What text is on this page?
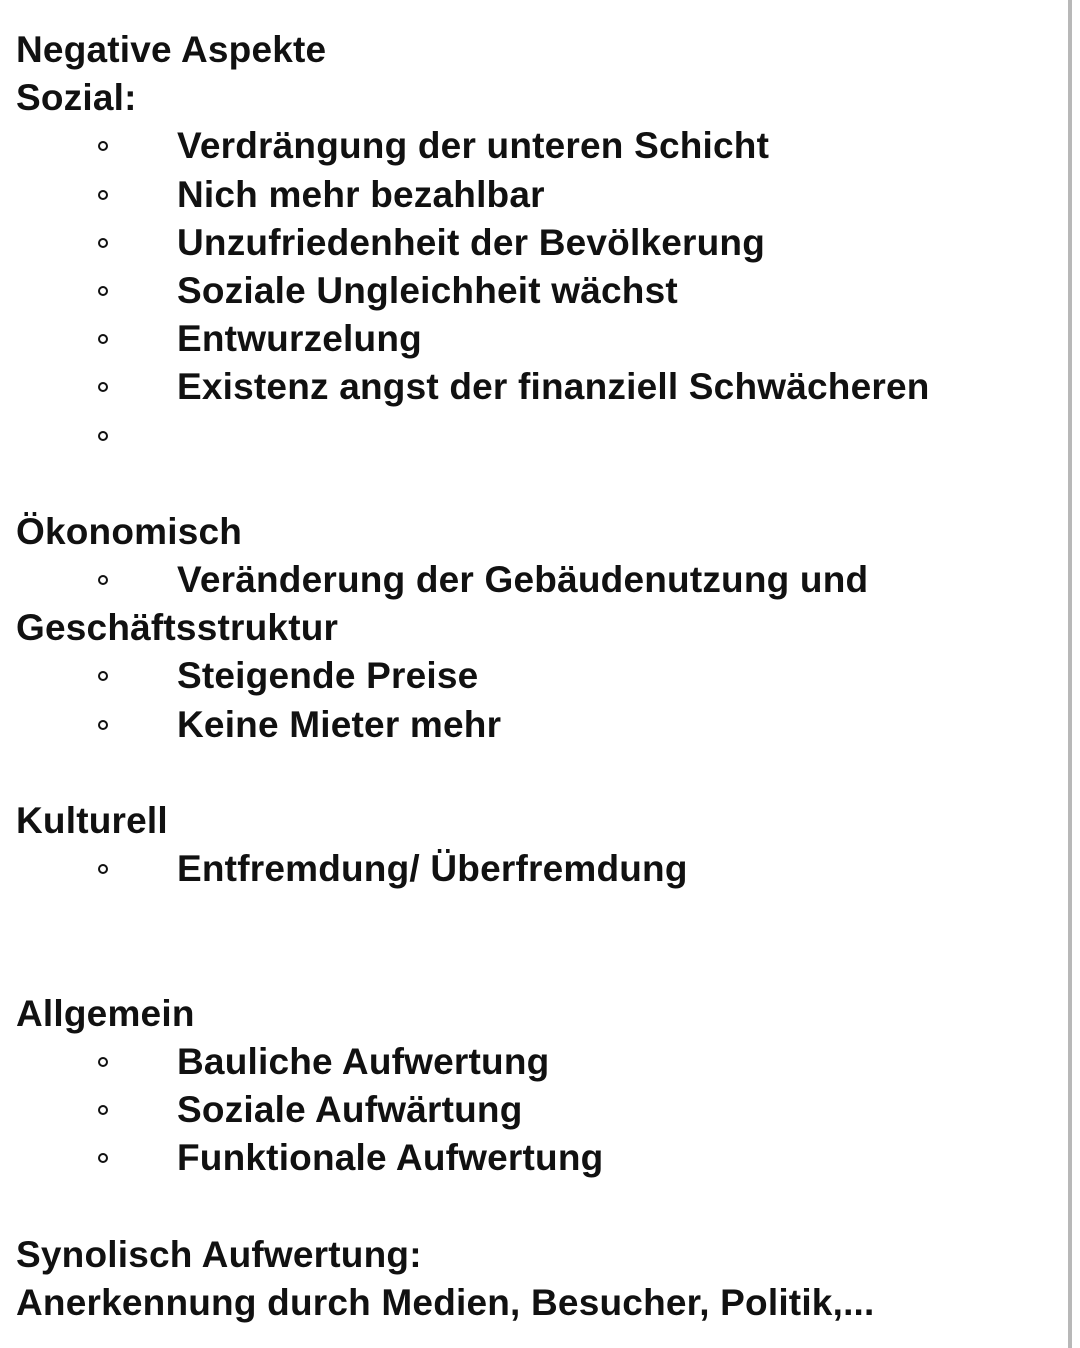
Negative Aspekte
Sozial:
Verdrängung der unteren Schicht
Nich mehr bezahlbar
Unzufriedenheit der Bevölkerung
Soziale Ungleichheit wächst
Entwurzelung
Existenz angst der finanziell Schwächeren
Ökonomisch
Veränderung der Gebäudenutzung und
Geschäftsstruktur
Steigende Preise
Keine Mieter mehr
Kulturell
Entfremdung/ Überfremdung
Allgemein
Bauliche Aufwertung
Soziale Aufwärtung
Funktionale Aufwertung
Synolisch Aufwertung:
Anerkennung durch Medien, Besucher, Politik,...
